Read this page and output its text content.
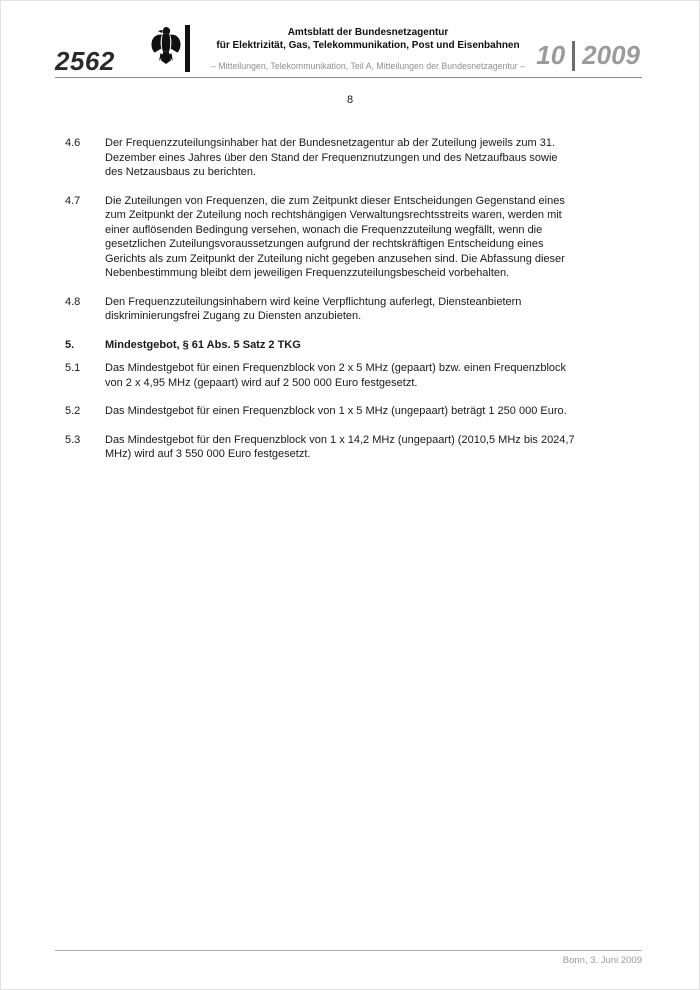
2562
Amtsblatt der Bundesnetzagentur
für Elektrizität, Gas, Telekommunikation, Post und Eisenbahnen
– Mitteilungen, Telekommunikation, Teil A, Mitteilungen der Bundesnetzagentur – 10 2009
8
4.6	Der Frequenzzuteilungsinhaber hat der Bundesnetzagentur ab der Zuteilung jeweils zum 31. Dezember eines Jahres über den Stand der Frequenznutzungen und des Netzaufbaus sowie des Netzausbaus zu berichten.
4.7	Die Zuteilungen von Frequenzen, die zum Zeitpunkt dieser Entscheidungen Gegenstand eines zum Zeitpunkt der Zuteilung noch rechtshängigen Verwaltungsrechtsstreits waren, werden mit einer auflösenden Bedingung versehen, wonach die Frequenzzuteilung wegfällt, wenn die gesetzlichen Zuteilungsvoraussetzungen aufgrund der rechtskräftigen Entscheidung eines Gerichts als zum Zeitpunkt der Zuteilung nicht gegeben anzusehen sind. Die Abfassung dieser Nebenbestimmung bleibt dem jeweiligen Frequenzzuteilungsbescheid vorbehalten.
4.8	Den Frequenzzuteilungsinhabern wird keine Verpflichtung auferlegt, Diensteanbietern diskriminierungsfrei Zugang zu Diensten anzubieten.
5.	Mindestgebot, § 61 Abs. 5 Satz 2 TKG
5.1	Das Mindestgebot für einen Frequenzblock von 2 x 5 MHz (gepaart) bzw. einen Frequenzblock von 2 x 4,95 MHz (gepaart) wird auf 2 500 000 Euro festgesetzt.
5.2	Das Mindestgebot für einen Frequenzblock von 1 x 5 MHz (ungepaart) beträgt 1 250 000 Euro.
5.3	Das Mindestgebot für den Frequenzblock von 1 x 14,2 MHz (ungepaart) (2010,5 MHz bis 2024,7 MHz) wird auf 3 550 000 Euro festgesetzt.
Bonn, 3. Juni 2009
